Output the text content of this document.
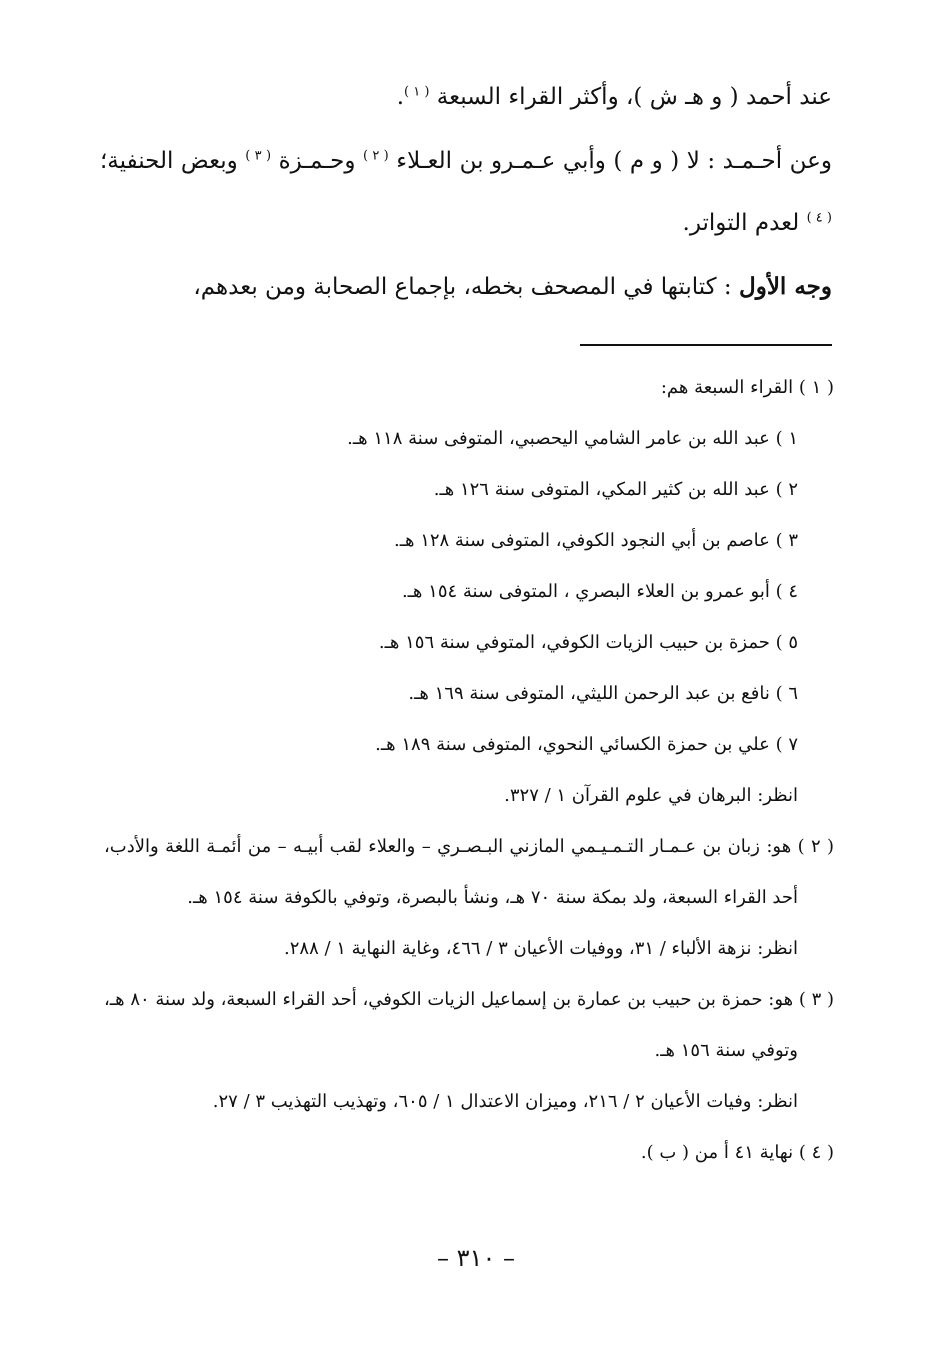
عند أحمد ( و هـ ش )، وأكثر القراء السبعة $^{( ١ )}$.

وعن أحـمـد : لا ( و م ) وأبي عـمـرو بن العـلاء $^{( ٢ )}$ وحـمـزة $^{( ٣ )}$ وبعض الحنفية؛ $^{( ٤ )}$ لعدم التواتر.

وجه الأول : كتابتها في المصحف بخطه، بإجماع الصحابة ومن بعدهم،

( ١ ) القراء السبعة هم:

١ ) عبد الله بن عامر الشامي اليحصبي، المتوفى سنة ١١٨ هـ.

٢ ) عبد الله بن كثير المكي، المتوفى سنة ١٢٦ هـ.

٣ ) عاصم بن أبي النجود الكوفي، المتوفى سنة ١٢٨ هـ.

٤ ) أبو عمرو بن العلاء البصري ، المتوفى سنة ١٥٤ هـ.

٥ ) حمزة بن حبيب الزيات الكوفي، المتوفي سنة ١٥٦ هـ.

٦ ) نافع بن عبد الرحمن الليثي، المتوفى سنة ١٦٩ هـ.

٧ ) علي بن حمزة الكسائي النحوي، المتوفى سنة ١٨٩ هـ.

انظر: البرهان في علوم القرآن ١ / ٣٢٧.

( ٢ ) هو: زبان بن عـمـار التـمـيـمي المازني البـصـري – والعلاء لقب أبيـه – من أئمـة اللغة والأدب، أحد القراء السبعة، ولد بمكة سنة ٧٠ هـ، ونشأ بالبصرة، وتوفي بالكوفة سنة ١٥٤ هـ.

انظر: نزهة الألباء / ٣١، ووفيات الأعيان ٣ / ٤٦٦، وغاية النهاية ١ / ٢٨٨.

( ٣ ) هو: حمزة بن حبيب بن عمارة بن إسماعيل الزيات الكوفي، أحد القراء السبعة، ولد سنة ٨٠ هـ، وتوفي سنة ١٥٦ هـ.

انظر: وفيات الأعيان ٢ / ٢١٦، وميزان الاعتدال ١ / ٦٠٥، وتهذيب التهذيب ٣ / ٢٧.

( ٤ ) نهاية ٤١ أ من ( ب ).

– ٣١٠ –
